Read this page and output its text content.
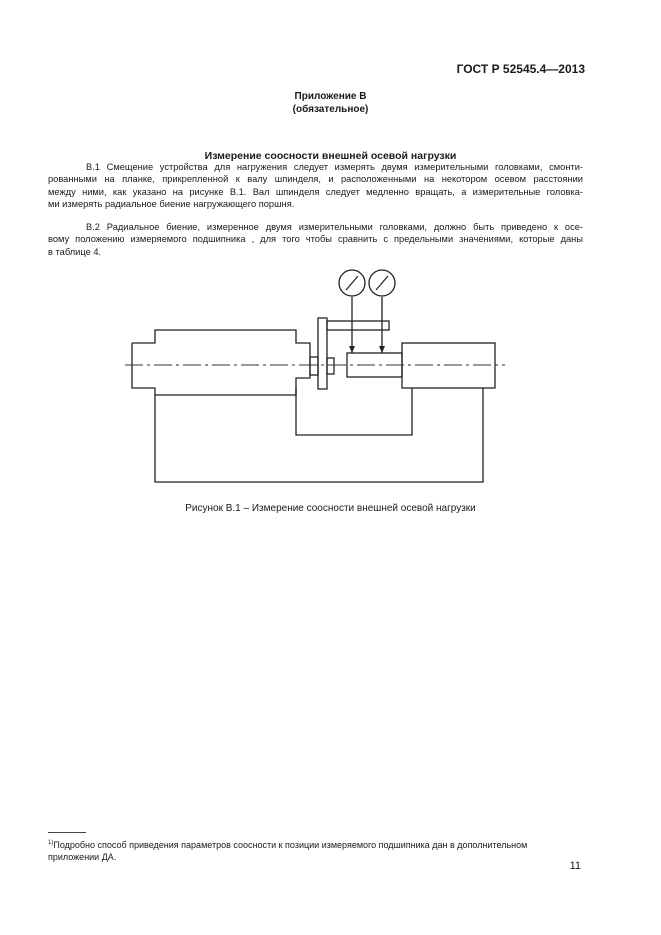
ГОСТ Р 52545.4—2013
Приложение В
(обязательное)
Измерение соосности внешней осевой нагрузки
В.1 Смещение устройства для нагружения следует измерять двумя измерительными головками, смонти-
рованными на планке, прикрепленной к валу шпинделя, и расположенными на некотором осевом расстоянии
между ними, как указано на рисунке В.1. Вал шпинделя следует медленно вращать, а измерительные головка-
ми измерять радиальное биение нагружающего поршня.
В.2 Радиальное биение, измеренное двумя измерительными головками, должно быть приведено к осе-
вому положению измеряемого подшипника , для того чтобы сравнить с предельными значениями, которые даны
в таблице 4.
Рисунок В.1 – Измерение соосности внешней осевой нагрузки
$^{1)}$Подробно способ приведения параметров соосности к позиции измеряемого подшипника дан в дополнительном
приложении ДА.
11
